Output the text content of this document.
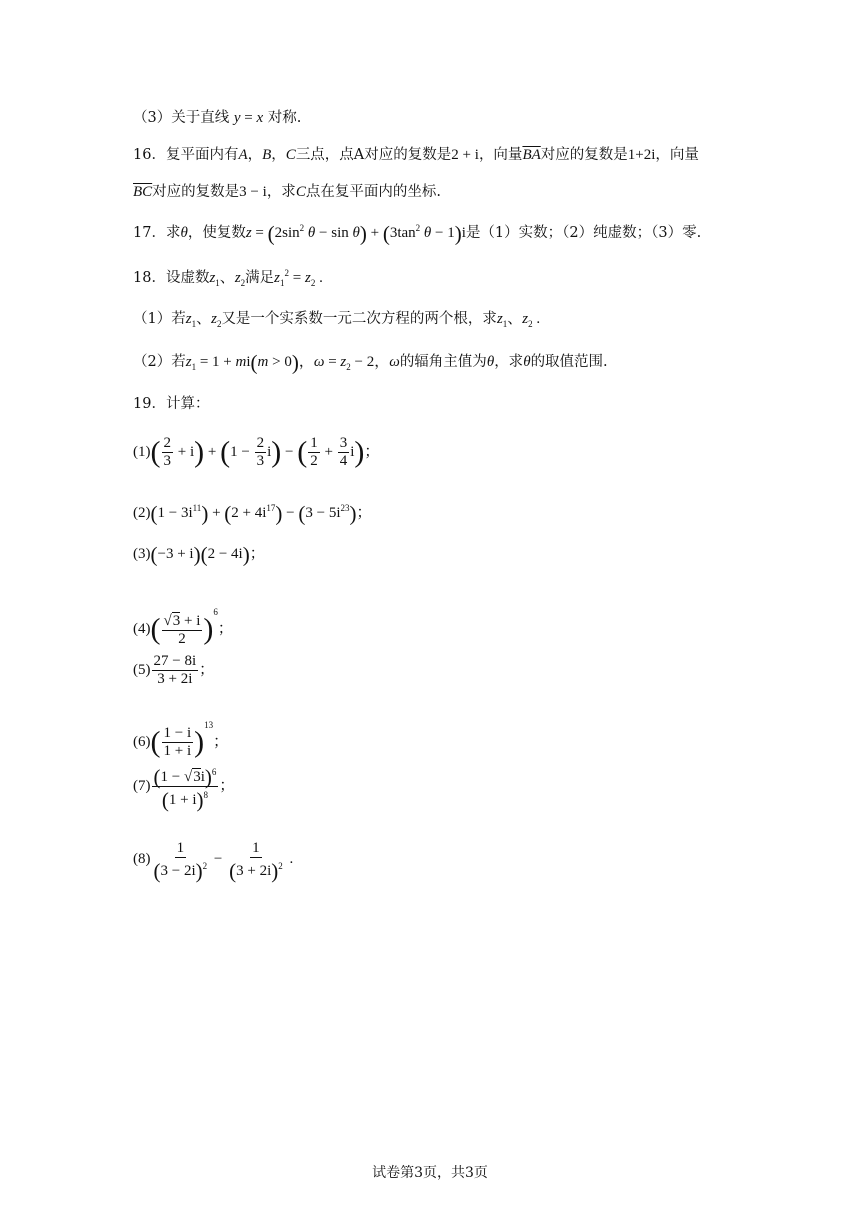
（3）关于直线 y = x 对称.
16．复平面内有A，B，C三点，点A对应的复数是2 + i，向量$\overline{BA}$对应的复数是1+2i，向量
$\overline{BC}$对应的复数是3 − i，求C点在复平面内的坐标.
17．求θ，使复数$z = (2\sin^2$ $\theta - \sin \theta) + (3\tan^2$ θ − 1)i是（1）实数；（2）纯虚数；（3）零.
18．设虚数$z_1$、$z_2$满足$z_1^2 = z_2$ .
（1）若$z_1$、$z_2$又是一个实系数一元二次方程的两个根，求$z_1$、$z_2$ .
（2）若$z_1 = 1 + mi(m > 0)$，$\omega = z_2 - 2$，ω的辐角主值为θ，求θ的取值范围.
19．计算：
$(1)( \frac{2}{3} + i) + (1 - \frac{2}{3} i)$ − ( $\frac{1}{2} + \frac{3}{4} i$)；
$(2)(1 - 3i^{11}) + (2 + 4i^{17}) - (3 - 5i^{23})$；
(3)(−3 + i)(2 − 4i)；
$(4)( \frac{√3 + i}{2} )^6$；
$(5) \frac{27 - 8i}{3 + 2i}$ ；
$(6)( \frac{1 - i}{1 + i} )^{13}$；
$(7) \frac{(1 - √3i)^6}{(1 + i)^8}$ ；
$(8) \frac{1}{(3 - 2i)^2} - \frac{1}{(3 + 2i)^2}$ .
试卷第3页，共3页
